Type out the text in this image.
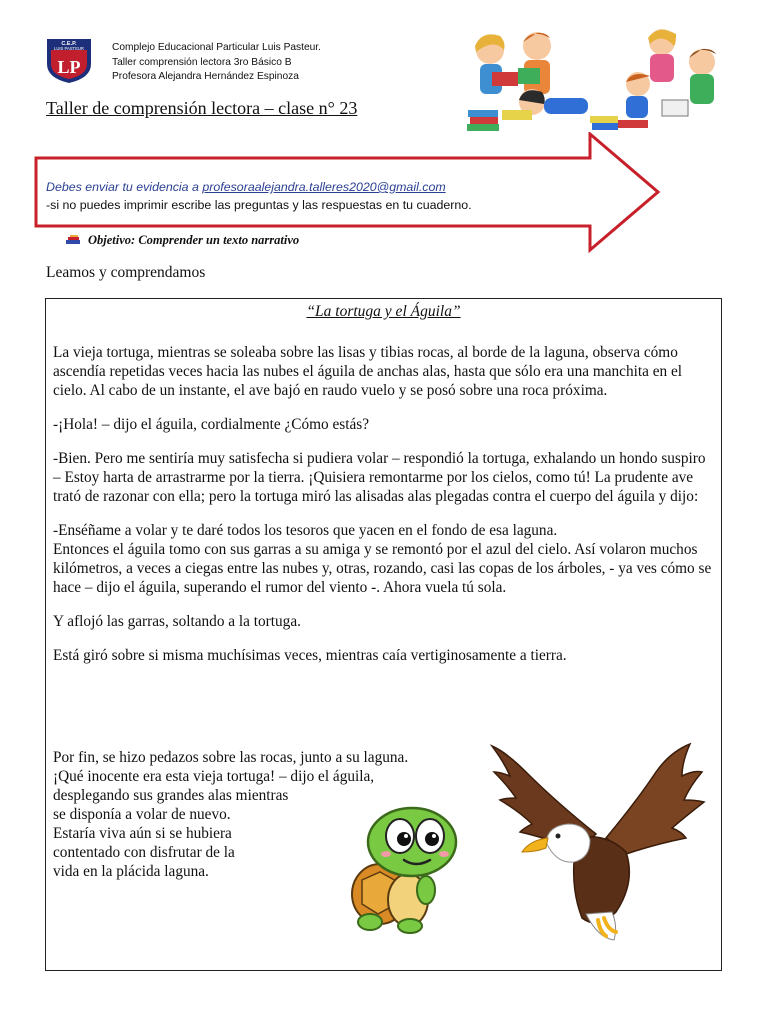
C.E.P.
LUIS PASTEUR
LP
Complejo Educacional Particular Luis Pasteur.
Taller comprensión lectora 3ro Básico B
Profesora Alejandra Hernández Espinoza
Taller de comprensión lectora – clase n° 23
Debes enviar tu evidencia a profesoraalejandra.talleres2020@gmail.com
-si no puedes imprimir escribe las preguntas y las respuestas en tu cuaderno.
Objetivo: Comprender un texto narrativo
Leamos y comprendamos
“La tortuga y el Águila”

La vieja tortuga, mientras se soleaba sobre las lisas y tibias rocas, al borde de la laguna, observa cómo ascendía repetidas veces hacia las nubes el águila de anchas alas, hasta que sólo era una manchita en el cielo. Al cabo de un instante, el ave bajó en raudo vuelo y se posó sobre una roca próxima.

-¡Hola! – dijo el águila, cordialmente ¿Cómo estás?

-Bien. Pero me sentiría muy satisfecha si pudiera volar – respondió la tortuga, exhalando un hondo suspiro – Estoy harta de arrastrarme por la tierra. ¡Quisiera remontarme por los cielos, como tú! La prudente ave trató de razonar con ella; pero la tortuga miró las alisadas alas plegadas contra el cuerpo del águila y dijo:

-Enséñame a volar y te daré todos los tesoros que yacen en el fondo de esa laguna.

Entonces el águila tomo con sus garras a su amiga y se remontó por el azul del cielo. Así volaron muchos kilómetros, a veces a ciegas entre las nubes y, otras, rozando, casi las copas de los árboles, - ya ves cómo se hace – dijo el águila, superando el rumor del viento -. Ahora vuela tú sola.

Y aflojó las garras, soltando a la tortuga.

Está giró sobre si misma muchísimas veces, mientras caía vertiginosamente a tierra.

Por fin, se hizo pedazos sobre las rocas, junto a su laguna.
¡Qué inocente era esta vieja tortuga! – dijo el águila,
desplegando sus grandes alas mientras
se disponía a volar de nuevo.
Estaría viva aún si se hubiera
contentado con disfrutar de la
vida en la plácida laguna.
